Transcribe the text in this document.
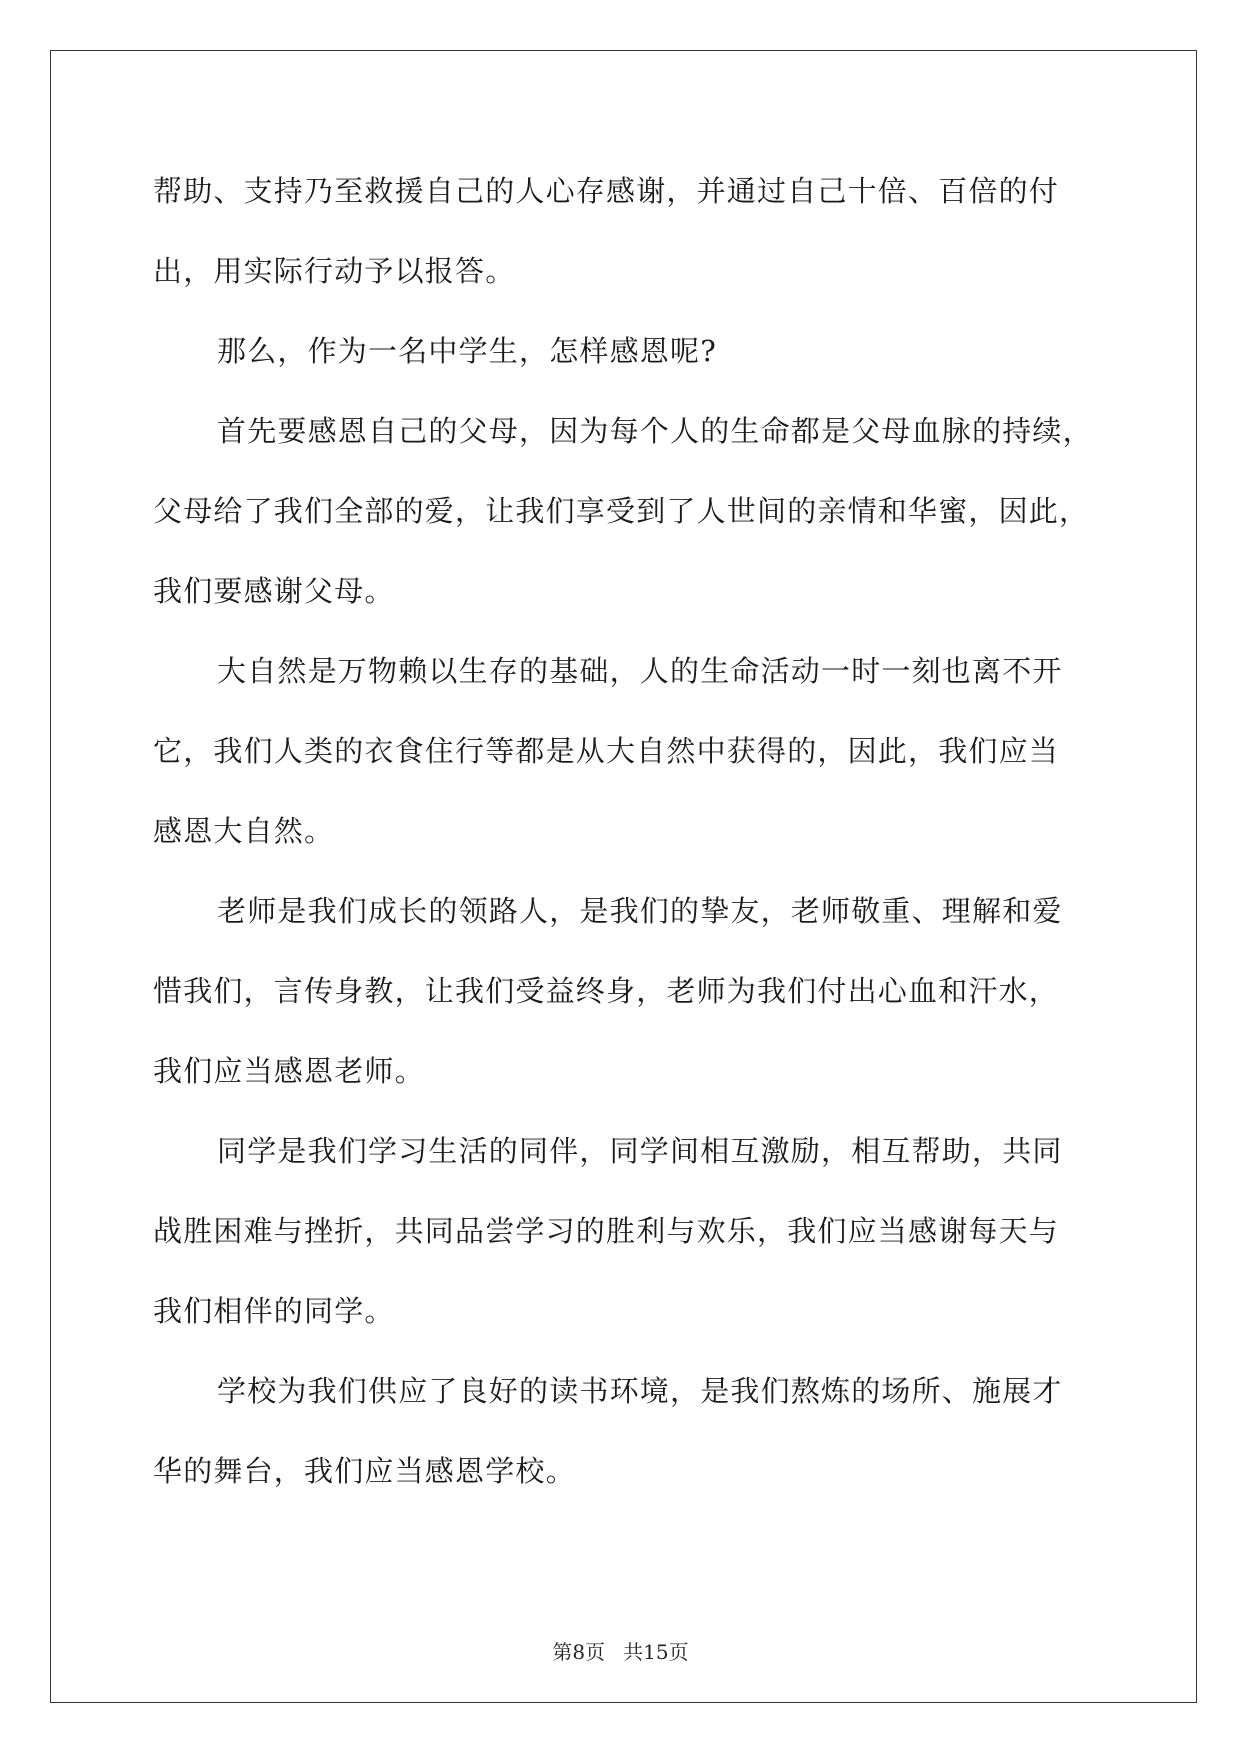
帮助、支持乃至救援自己的人心存感谢，并通过自己十倍、百倍的付
出，用实际行动予以报答。
那么，作为一名中学生，怎样感恩呢?
首先要感恩自己的父母，因为每个人的生命都是父母血脉的持续，
父母给了我们全部的爱，让我们享受到了人世间的亲情和华蜜，因此，
我们要感谢父母。
大自然是万物赖以生存的基础，人的生命活动一时一刻也离不开
它，我们人类的衣食住行等都是从大自然中获得的，因此，我们应当
感恩大自然。
老师是我们成长的领路人，是我们的挚友，老师敬重、理解和爱
惜我们，言传身教，让我们受益终身，老师为我们付出心血和汗水，
我们应当感恩老师。
同学是我们学习生活的同伴，同学间相互激励，相互帮助，共同
战胜困难与挫折，共同品尝学习的胜利与欢乐，我们应当感谢每天与
我们相伴的同学。
学校为我们供应了良好的读书环境，是我们熬炼的场所、施展才
华的舞台，我们应当感恩学校。
第8页 共15页
